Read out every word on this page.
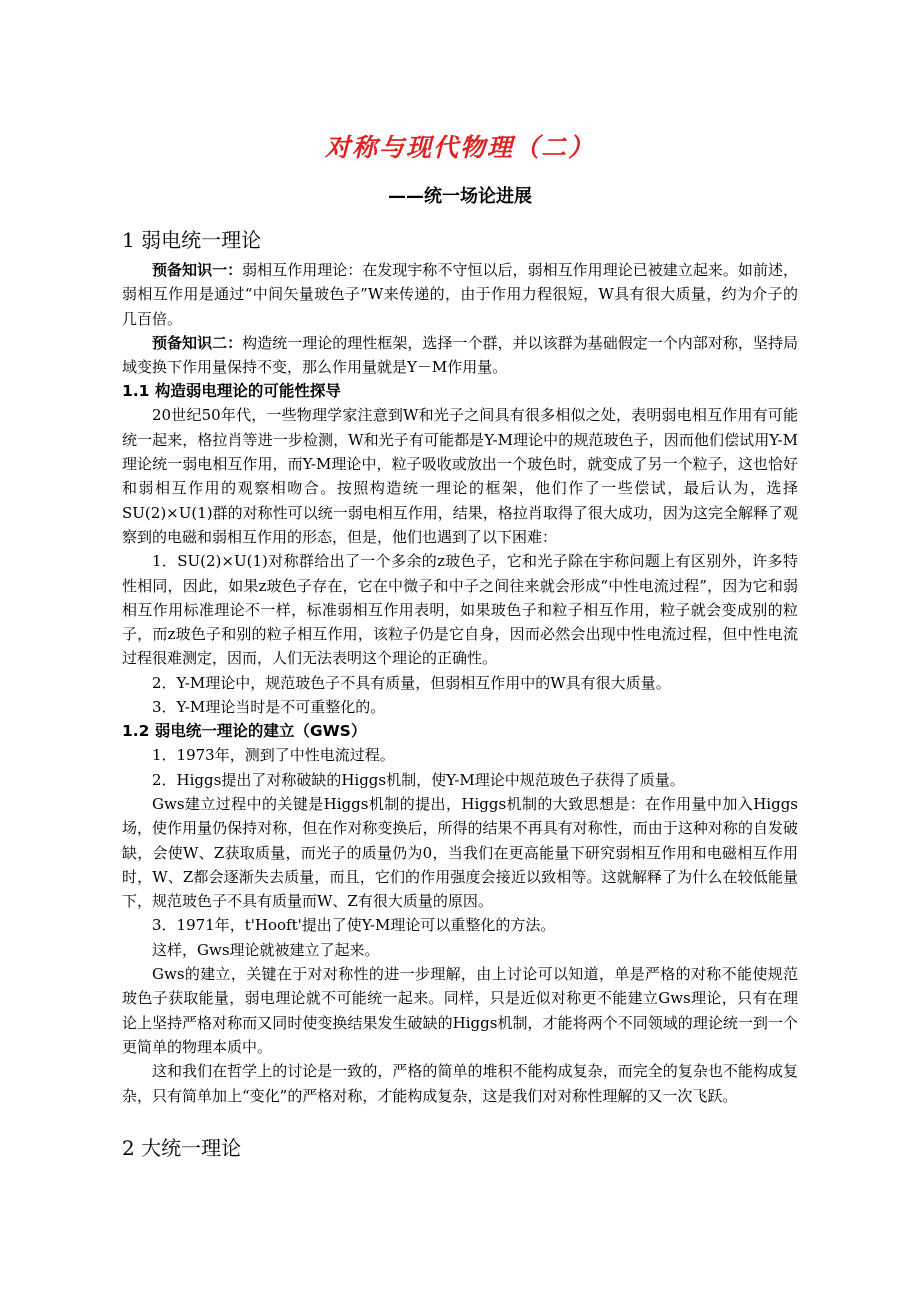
对称与现代物理（二）
——统一场论进展
1 弱电统一理论

预备知识一：弱相互作用理论：在发现宇称不守恒以后，弱相互作用理论已被建立起来。如前述，弱相互作用是通过“中间矢量玻色子”W来传递的，由于作用力程很短，W具有很大质量，约为介子的几百倍。

预备知识二：构造统一理论的理性框架，选择一个群，并以该群为基础假定一个内部对称，坚持局域变换下作用量保持不变，那么作用量就是Y－M作用量。

1.1 构造弱电理论的可能性探导

20世纪50年代，一些物理学家注意到W和光子之间具有很多相似之处，表明弱电相互作用有可能统一起来，格拉肖等进一步检测，W和光子有可能都是Y-M理论中的规范玻色子，因而他们偿试用Y-M理论统一弱电相互作用，而Y-M理论中，粒子吸收或放出一个玻色时，就变成了另一个粒子，这也恰好和弱相互作用的观察相吻合。按照构造统一理论的框架，他们作了一些偿试，最后认为，选择SU(2)×U(1)群的对称性可以统一弱电相互作用，结果，格拉肖取得了很大成功，因为这完全解释了观察到的电磁和弱相互作用的形态，但是，他们也遇到了以下困难：

1．SU(2)×U(1)对称群给出了一个多余的z玻色子，它和光子除在宇称问题上有区别外，许多特性相同，因此，如果z玻色子存在，它在中微子和中子之间往来就会形成“中性电流过程”，因为它和弱相互作用标准理论不一样，标准弱相互作用表明，如果玻色子和粒子相互作用，粒子就会变成别的粒子，而z玻色子和别的粒子相互作用，该粒子仍是它自身，因而必然会出现中性电流过程，但中性电流过程很难测定，因而，人们无法表明这个理论的正确性。

2．Y-M理论中，规范玻色子不具有质量，但弱相互作用中的W具有很大质量。

3．Y-M理论当时是不可重整化的。

1.2 弱电统一理论的建立（GWS）

1．1973年，测到了中性电流过程。

2．Higgs提出了对称破缺的Higgs机制，使Y-M理论中规范玻色子获得了质量。

Gws建立过程中的关键是Higgs机制的提出，Higgs机制的大致思想是：在作用量中加入Higgs场，使作用量仍保持对称，但在作对称变换后，所得的结果不再具有对称性，而由于这种对称的自发破缺，会使W、Z获取质量，而光子的质量仍为0，当我们在更高能量下研究弱相互作用和电磁相互作用时，W、Z都会逐渐失去质量，而且，它们的作用强度会接近以致相等。这就解释了为什么在较低能量下，规范玻色子不具有质量而W、Z有很大质量的原因。

3．1971年，t'Hooft'提出了使Y-M理论可以重整化的方法。

这样，Gws理论就被建立了起来。

Gws的建立，关键在于对对称性的进一步理解，由上讨论可以知道，单是严格的对称不能使规范玻色子获取能量，弱电理论就不可能统一起来。同样，只是近似对称更不能建立Gws理论，只有在理论上坚持严格对称而又同时使变换结果发生破缺的Higgs机制，才能将两个不同领域的理论统一到一个更简单的物理本质中。

这和我们在哲学上的讨论是一致的，严格的简单的堆积不能构成复杂，而完全的复杂也不能构成复杂，只有简单加上“变化”的严格对称，才能构成复杂，这是我们对对称性理解的又一次飞跃。

2 大统一理论
